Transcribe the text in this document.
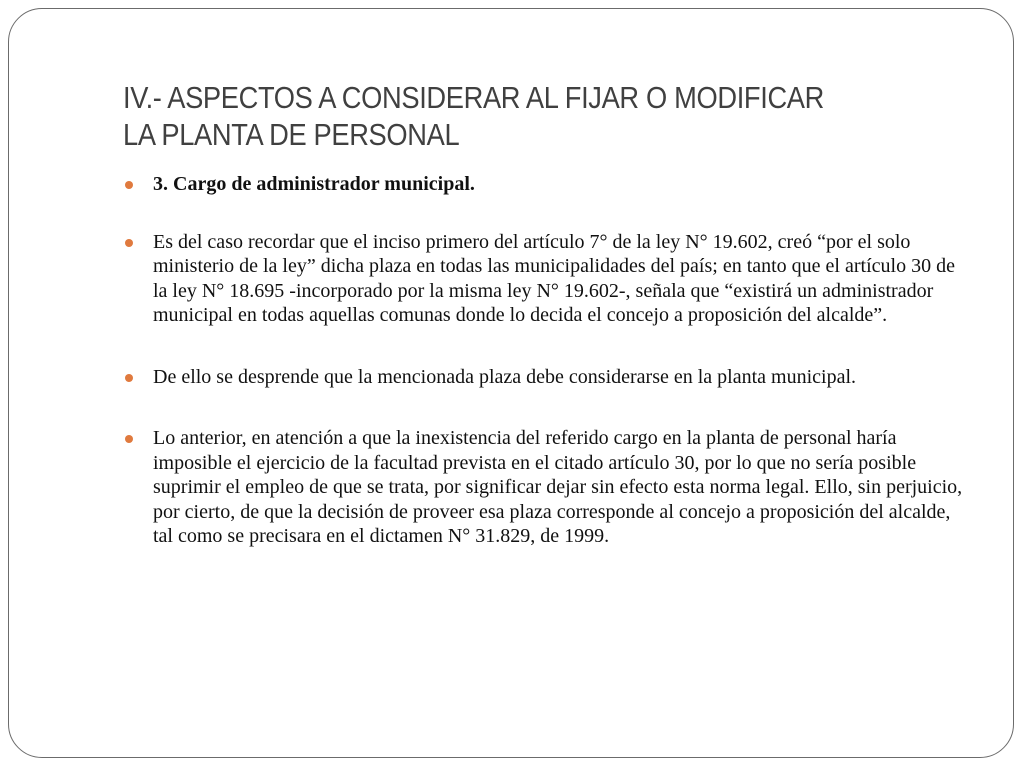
IV.- ASPECTOS A CONSIDERAR AL FIJAR O MODIFICAR LA PLANTA DE PERSONAL
3. Cargo de administrador municipal.
Es del caso recordar que el inciso primero del artículo 7° de la ley N° 19.602, creó “por el solo ministerio de la ley” dicha plaza en todas las municipalidades del país; en tanto que el artículo 30 de la ley N° 18.695 -incorporado por la misma ley N° 19.602-, señala que “existirá un administrador municipal en todas aquellas comunas donde lo decida el concejo a proposición del alcalde”.
De ello se desprende que la mencionada plaza debe considerarse en la planta municipal.
Lo anterior, en atención a que la inexistencia del referido cargo en la planta de personal haría imposible el ejercicio de la facultad prevista en el citado artículo 30, por lo que no sería posible suprimir el empleo de que se trata, por significar dejar sin efecto esta norma legal. Ello, sin perjuicio, por cierto, de que la decisión de proveer esa plaza corresponde al concejo a proposición del alcalde, tal como se precisara en el dictamen N° 31.829, de 1999.
